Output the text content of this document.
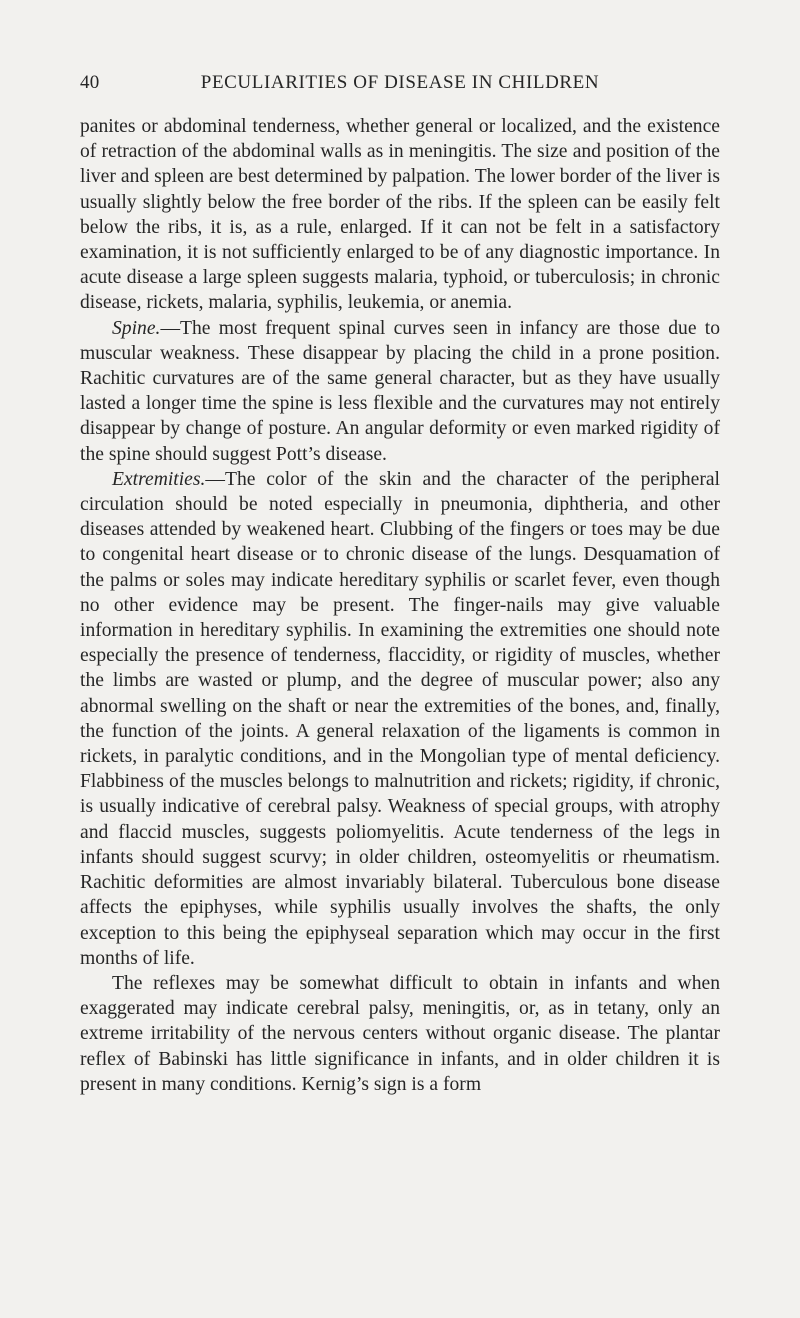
40	PECULIARITIES OF DISEASE IN CHILDREN

panites or abdominal tenderness, whether general or localized, and the existence of retraction of the abdominal walls as in meningitis. The size and position of the liver and spleen are best determined by palpation. The lower border of the liver is usually slightly below the free border of the ribs. If the spleen can be easily felt below the ribs, it is, as a rule, enlarged. If it can not be felt in a satisfactory examination, it is not sufficiently enlarged to be of any diagnostic importance. In acute disease a large spleen suggests malaria, typhoid, or tuberculosis; in chronic disease, rickets, malaria, syphilis, leukemia, or anemia.

Spine.—The most frequent spinal curves seen in infancy are those due to muscular weakness. These disappear by placing the child in a prone position. Rachitic curvatures are of the same general character, but as they have usually lasted a longer time the spine is less flexible and the curvatures may not entirely disappear by change of posture. An angular deformity or even marked rigidity of the spine should suggest Pott’s disease.

Extremities.—The color of the skin and the character of the peripheral circulation should be noted especially in pneumonia, diphtheria, and other diseases attended by weakened heart. Clubbing of the fingers or toes may be due to congenital heart disease or to chronic disease of the lungs. Desquamation of the palms or soles may indicate hereditary syphilis or scarlet fever, even though no other evidence may be present. The finger-nails may give valuable information in hereditary syphilis. In examining the extremities one should note especially the presence of tenderness, flaccidity, or rigidity of muscles, whether the limbs are wasted or plump, and the degree of muscular power; also any abnormal swelling on the shaft or near the extremities of the bones, and, finally, the function of the joints. A general relaxation of the ligaments is common in rickets, in paralytic conditions, and in the Mongolian type of mental deficiency. Flabbiness of the muscles belongs to malnutrition and rickets; rigidity, if chronic, is usually indicative of cerebral palsy. Weakness of special groups, with atrophy and flaccid muscles, suggests poliomyelitis. Acute tenderness of the legs in infants should suggest scurvy; in older children, osteomyelitis or rheumatism. Rachitic deformities are almost invariably bilateral. Tuberculous bone disease affects the epiphyses, while syphilis usually involves the shafts, the only exception to this being the epiphyseal separation which may occur in the first months of life.

The reflexes may be somewhat difficult to obtain in infants and when exaggerated may indicate cerebral palsy, meningitis, or, as in tetany, only an extreme irritability of the nervous centers without organic disease. The plantar reflex of Babinski has little significance in infants, and in older children it is present in many conditions. Kernig’s sign is a form
